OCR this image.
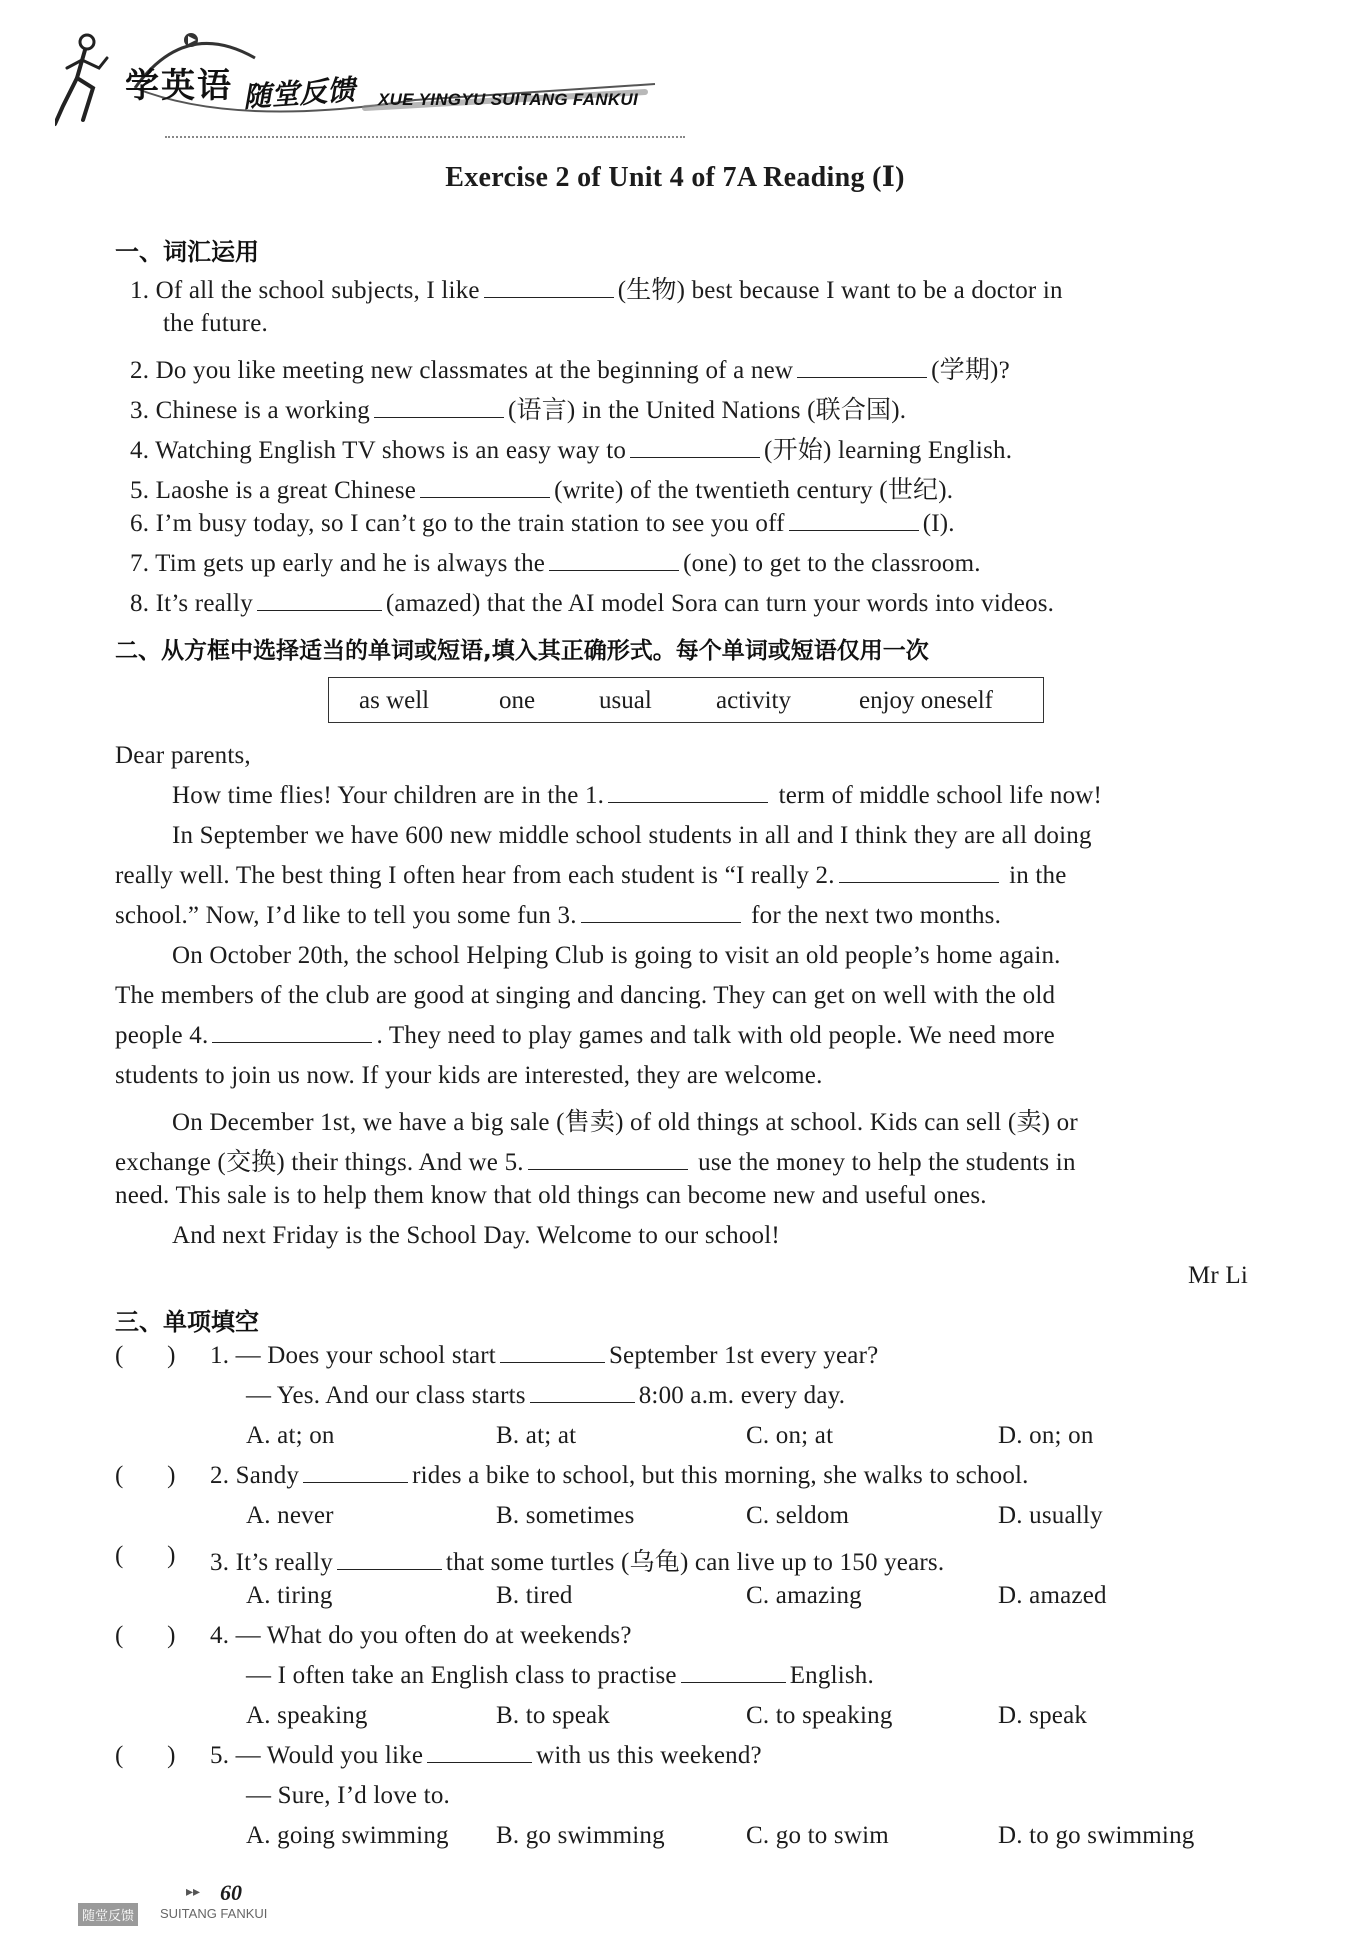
学英语 随堂反馈 XUE YINGYU SUITANG FANKUI
Exercise 2 of Unit 4 of 7A Reading (Ⅰ)
一、词汇运用
1. Of all the school subjects, I like	(生物) best because I want to be a doctor in
the future.
2. Do you like meeting new classmates at the beginning of a new	(学期)?
3. Chinese is a working	(语言) in the United Nations (联合国).
4. Watching English TV shows is an easy way to	(开始) learning English.
5. Laoshe is a great Chinese	(write) of the twentieth century (世纪).
6. I’m busy today, so I can’t go to the train station to see you off	(I).
7. Tim gets up early and he is always the	(one) to get to the classroom.
8. It’s really	(amazed) that the AI model Sora can turn your words into videos.
二、从方框中选择适当的单词或短语,填入其正确形式。每个单词或短语仅用一次
as well	one	usual	activity	enjoy oneself
Dear parents,
How time flies! Your children are in the 1.	term of middle school life now!
In September we have 600 new middle school students in all and I think they are all doing
really well. The best thing I often hear from each student is “I really 2.	in the
school.” Now, I’d like to tell you some fun 3.	for the next two months.
On October 20th, the school Helping Club is going to visit an old people’s home again.
The members of the club are good at singing and dancing. They can get on well with the old
people 4.	. They need to play games and talk with old people. We need more
students to join us now. If your kids are interested, they are welcome.
On December 1st, we have a big sale (售卖) of old things at school. Kids can sell (卖) or
exchange (交换) their things. And we 5.	use the money to help the students in
need. This sale is to help them know that old things can become new and useful ones.
And next Friday is the School Day. Welcome to our school!
Mr Li
三、单项填空
(       ) 1. — Does your school start	September 1st every year?
— Yes. And our class starts	8:00 a.m. every day.
A. at; on	B. at; at	C. on; at	D. on; on
(       ) 2. Sandy	rides a bike to school, but this morning, she walks to school.
A. never	B. sometimes	C. seldom	D. usually
(       ) 3. It’s really	that some turtles (乌龟) can live up to 150 years.
A. tiring	B. tired	C. amazing	D. amazed
(       ) 4. — What do you often do at weekends?
— I often take an English class to practise	English.
A. speaking	B. to speak	C. to speaking	D. speak
(       ) 5. — Would you like	with us this weekend?
— Sure, I’d love to.
A. going swimming B. go swimming	C. go to swim	D. to go swimming
▸▸ 60
随堂反馈	SUITANG FANKUI
